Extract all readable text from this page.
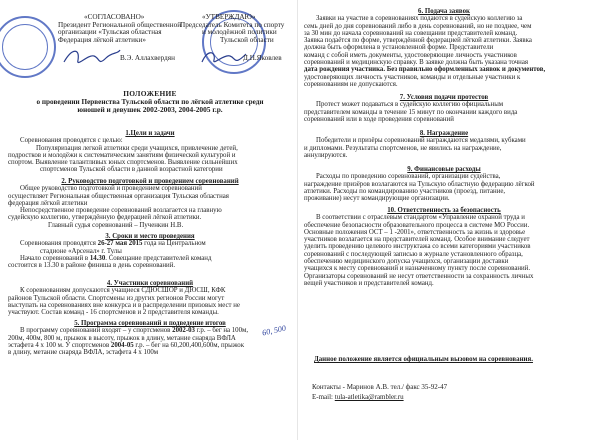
«СОГЛАСОВАНО»
Президент Региональной общественной
организации «Тульская областная
Федерация лёгкой атлетики»
В.Э. Аллахвердян
«УТВЕРЖДАЮ»
Председатель Комитета по спорту
и молодёжной политики
Тульской области
Д.Н.Яковлев
ПОЛОЖЕНИЕ
о проведении Первенства Тульской области по лёгкой атлетике среди
юношей и девушек 2002-2003, 2004-2005 г.р.
1.Цели и задачи
Соревнования проводятся с целью:
Популяризация легкой атлетики среди учащихся, привлечение детей,
подростков и молодёжи к систематическим занятиям физической культурой и
спортом. Выявление талантливых юных спортсменов. Выявление сильнейших
спортсменов Тульской области в данной возрастной категории
2. Руководство подготовкой и проведением соревнований
Общее руководство подготовкой и проведением соревнований
осуществляет Региональная общественная организация Тульская областная
федерация лёгкой атлетики
Непосредственное проведение соревнований возлагается на главную
судейскую коллегию, утверждённую федерацией лёгкой атлетики.
Главный судья соревнований – Пученкин Н.В.
3. Сроки и место проведения
Соревнования проводятся 26-27 мая 2015 года на Центральном
стадионе «Арсенал» г. Тулы
Начало соревнований в 14.30. Совещание представителей команд
состоится в 13.30 в районе финиша в день соревнований.
4. Участники соревнований
К соревнованиям допускаются учащиеся СДЮСШОР и ДЮСШ, КФК
районов Тульской области. Спортсмены из других регионов России могут
выступать на соревнованиях вне конкурса и в распределении призовых мест не
участвуют. Состав команд - 16 спортсменов и 2 представителя команды.
5. Программа соревнований и подведение итогов
В программу соревнований входят – у спортсменов 2002-03 г.р. – бег на 100м,
200м, 400м, 800 м, прыжок в высоту, прыжок в длину, метание снаряда ВФЛА
эстафета 4 х 100 м. У спортсменов 2004-05 г.р. – бег на 60,200,400,600м, прыжок
в длину, метание снаряда ВФЛА, эстафета 4 х 100м
60, 500
6. Подача заявок
Заявки на участие в соревнованиях подаются в судейскую коллегию за
семь дней до дня соревнований либо в день соревнований, но не позднее, чем
за 30 мин до начала соревнований на совещании представителей команд.
Заявка подаётся по форме, утверждённой федерацией лёгкой атлетики. Заявка
должна быть оформлена в установленной форме. Представители
команд с собой иметь документы, удостоверяющие личность участников
соревнований и медицинскую справку. В заявке должна быть указана точная
дата рождения участника. Без правильно оформленных заявок и документов,
удостоверяющих личность участников, команды и отдельные участники к
соревнованиям не допускаются.
7. Условия подачи протестов
Протест может подаваться в судейскую коллегию официальным
представителем команды в течение 15 минут по окончании каждого вида
соревнований или в ходе проведения соревнований
8. Награждение
Победители и призёры соревнований награждаются медалями, кубками
и дипломами. Результаты спортсменов, не явились на награждение,
аннулируются.
9. Финансовые расходы
Расходы по проведению соревнований, организации судейства,
награждение призёров возлагаются на Тульскую областную федерацию лёгкой
атлетики. Расходы по командированию участников (проезд, питание,
проживание) несут командирующие организации.
10. Ответственность за безопасность
В соответствии с отраслевым стандартом «Управление охраной труда и
обеспечение безопасности образовательного процесса в системе МО России.
Основные положения ОСТ – 1 -2001», ответственность за жизнь и здоровье
участников возлагается на представителей команд. Особое внимание следует
уделить проведению целевого инструктажа со всеми категориями участников
соревнований с последующей записью в журнале установленного образца,
обеспечению медицинского допуска учащихся, организации доставки
учащихся к месту соревнований и назначенному пункту после соревнований.
Организаторы соревнований не несут ответственности за сохранность личных
вещей участников и представителей команд.
Данное положение является официальным вызовом на соревнования.
Контакты - Маринов А.В. тел./ факс 35-92-47
E-mail: tula-atletika@rambler.ru
